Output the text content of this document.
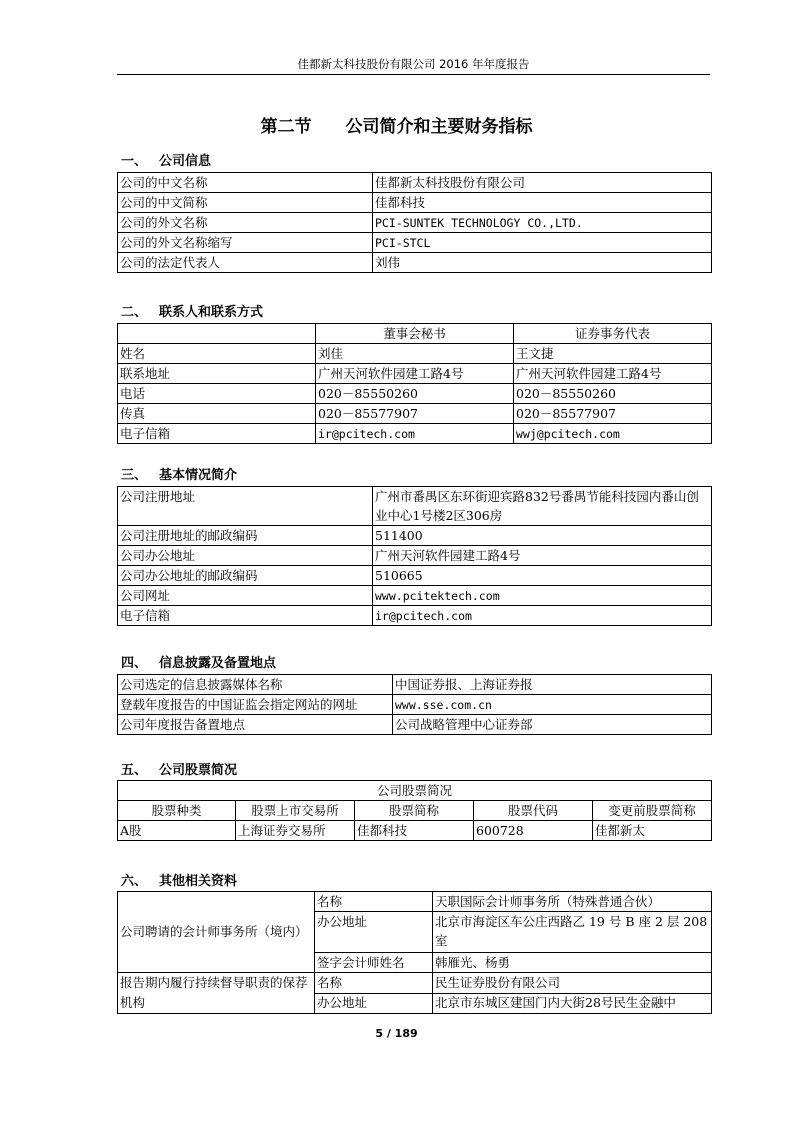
佳都新太科技股份有限公司 2016 年年度报告
第二节 公司简介和主要财务指标
一、 公司信息
公司的中文名称	佳都新太科技股份有限公司
公司的中文简称	佳都科技
公司的外文名称	PCI-SUNTEK TECHNOLOGY CO.,LTD.
公司的外文名称缩写	PCI-STCL
公司的法定代表人	刘伟
二、 联系人和联系方式
	董事会秘书	证券事务代表
姓名	刘佳	王文捷
联系地址	广州天河软件园建工路4号	广州天河软件园建工路4号
电话	020－85550260	020－85550260
传真	020－85577907	020－85577907
电子信箱	ir@pcitech.com	wwj@pcitech.com
三、 基本情况简介
公司注册地址	广州市番禺区东环街迎宾路832号番禺节能科技园内番山创业中心1号楼2区306房
公司注册地址的邮政编码	511400
公司办公地址	广州天河软件园建工路4号
公司办公地址的邮政编码	510665
公司网址	www.pcitektech.com
电子信箱	ir@pcitech.com
四、 信息披露及备置地点
公司选定的信息披露媒体名称	中国证券报、上海证券报
登载年度报告的中国证监会指定网站的网址	www.sse.com.cn
公司年度报告备置地点	公司战略管理中心证券部
五、 公司股票简况
公司股票简况				
股票种类	股票上市交易所	股票简称	股票代码	变更前股票简称
A股	上海证券交易所	佳都科技	600728	佳都新太
六、 其他相关资料
公司聘请的会计师事务所（境内）	名称	天职国际会计师事务所（特殊普通合伙）
	办公地址	北京市海淀区车公庄西路乙 19 号 B 座 2 层 208 室
	签字会计师姓名	韩雁光、杨勇
报告期内履行持续督导职责的保荐机构	名称	民生证券股份有限公司
	办公地址	北京市东城区建国门内大街28号民生金融中
5 / 189
